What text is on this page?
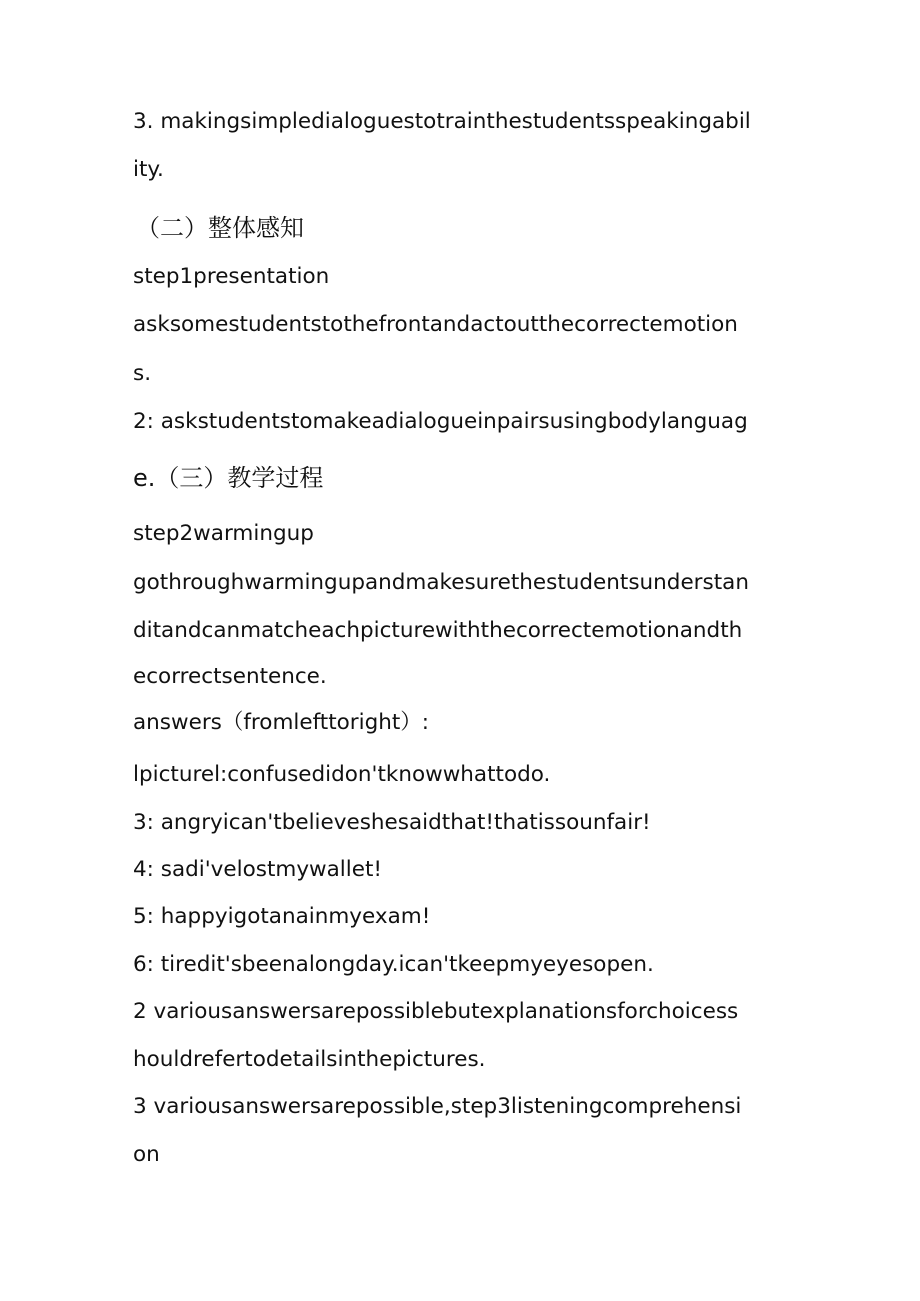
3. makingsimpledialoguestotrainthestudentsspeakingabil

ity.

（二）整体感知

step1presentation

asksomestudentstothefrontandactoutthecorrectemotion

s.

2: askstudentstomakeadialogueinpairsusingbodylanguag

e.（三）教学过程

step2warmingup

gothroughwarmingupandmakesurethestudentsunderstan

ditandcanmatcheachpicturewiththecorrectemotionandth

ecorrectsentence.

answers（fromlefttoright）:

lpicturel:confusedidon'tknowwhattodo.

3: angryican'tbelieveshesaidthat!thatissounfair!

4: sadi'velostmywallet!

5: happyigotanainmyexam!

6: tiredit'sbeenalongday.ican'tkeepmyeyesopen.

2 variousanswersarepossiblebutexplanationsforchoicess

houldrefertodetailsinthepictures.

3 variousanswersarepossible,step3listeningcomprehensi

on
